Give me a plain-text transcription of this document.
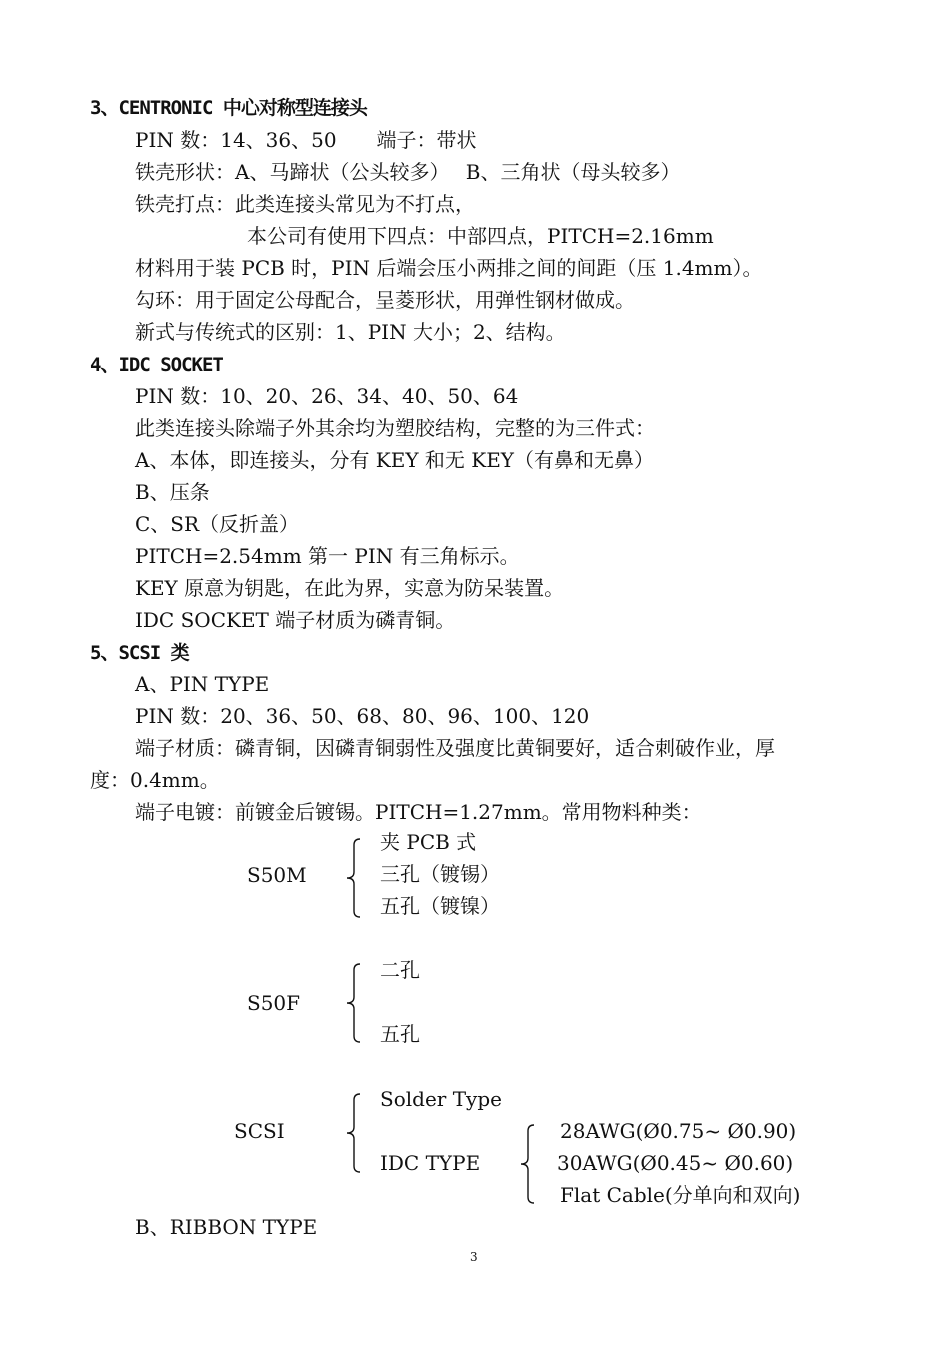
3、CENTRONIC 中心对称型连接头
PIN 数：14、36、50　　端子：带状
铁壳形状：A、马蹄状（公头较多）　 B、三角状（母头较多）
铁壳打点：此类连接头常见为不打点，
本公司有使用下四点：中部四点，PITCH=2.16mm
材料用于装 PCB 时，PIN 后端会压小两排之间的间距（压 1.4mm）。
勾环：用于固定公母配合，呈菱形状，用弹性钢材做成。
新式与传统式的区别：1、PIN 大小；2、结构。
4、IDC SOCKET
PIN 数：10、20、26、34、40、50、64
此类连接头除端子外其余均为塑胶结构，完整的为三件式：
A、本体，即连接头，分有 KEY 和无 KEY（有鼻和无鼻）
B、压条
C、SR（反折盖）
PITCH=2.54mm 第一 PIN 有三角标示。
KEY 原意为钥匙，在此为界，实意为防呆装置。
IDC SOCKET 端子材质为磷青铜。
5、SCSI 类
A、PIN TYPE
PIN 数：20、36、50、68、80、96、100、120
端子材质：磷青铜，因磷青铜弱性及强度比黄铜要好，适合刺破作业，厚
度：0.4mm。
端子电镀：前镀金后镀锡。PITCH=1.27mm。常用物料种类：
S50M
夹 PCB 式
三孔（镀锡）
五孔（镀镍）
S50F
二孔
五孔
SCSI
Solder Type
IDC TYPE
28AWG(Ø0.75~ Ø0.90)
30AWG(Ø0.45~ Ø0.60)
Flat Cable(分单向和双向)
B、RIBBON TYPE
3
